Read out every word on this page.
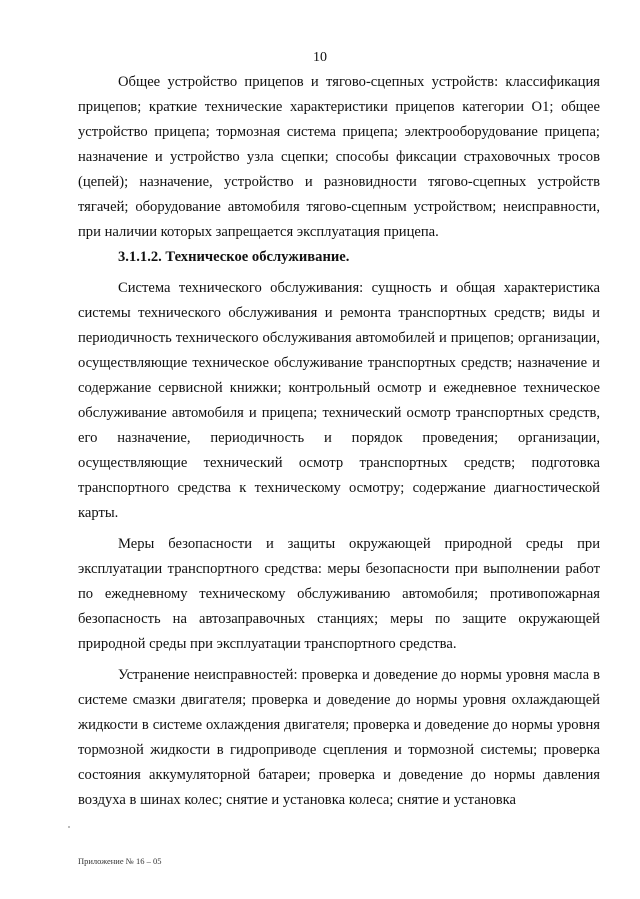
10

Общее устройство прицепов и тягово-сцепных устройств: классификация прицепов; краткие технические характеристики прицепов категории О1; общее устройство прицепа; тормозная система прицепа; электрооборудование прицепа; назначение и устройство узла сцепки; способы фиксации страховочных тросов (цепей); назначение, устройство и разновидности тягово-сцепных устройств тягачей; оборудование автомобиля тягово-сцепным устройством; неисправности, при наличии которых запрещается эксплуатация прицепа.

3.1.1.2. Техническое обслуживание.

Система технического обслуживания: сущность и общая характеристика системы технического обслуживания и ремонта транспортных средств; виды и периодичность технического обслуживания автомобилей и прицепов; организации, осуществляющие техническое обслуживание транспортных средств; назначение и содержание сервисной книжки; контрольный осмотр и ежедневное техническое обслуживание автомобиля и прицепа; технический осмотр транспортных средств, его назначение, периодичность и порядок проведения; организации, осуществляющие технический осмотр транспортных средств; подготовка транспортного средства к техническому осмотру; содержание диагностической карты.

Меры безопасности и защиты окружающей природной среды при эксплуатации транспортного средства: меры безопасности при выполнении работ по ежедневному техническому обслуживанию автомобиля; противопожарная безопасность на автозаправочных станциях; меры по защите окружающей природной среды при эксплуатации транспортного средства.

Устранение неисправностей: проверка и доведение до нормы уровня масла в системе смазки двигателя; проверка и доведение до нормы уровня охлаждающей жидкости в системе охлаждения двигателя; проверка и доведение до нормы уровня тормозной жидкости в гидроприводе сцепления и тормозной системы; проверка состояния аккумуляторной батареи; проверка и доведение до нормы давления воздуха в шинах колес; снятие и установка колеса; снятие и установка

Приложение № 16 – 05
